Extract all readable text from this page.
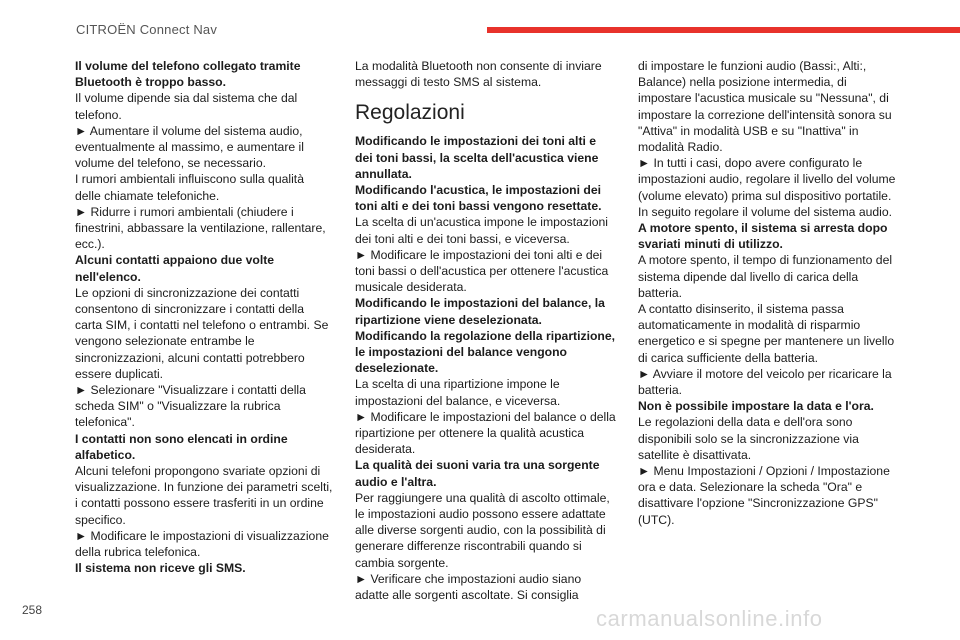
CITROËN Connect Nav

Il volume del telefono collegato tramite Bluetooth è troppo basso.

Il volume dipende sia dal sistema che dal telefono.

► Aumentare il volume del sistema audio, eventualmente al massimo, e aumentare il volume del telefono, se necessario.

I rumori ambientali influiscono sulla qualità delle chiamate telefoniche.

► Ridurre i rumori ambientali (chiudere i finestrini, abbassare la ventilazione, rallentare, ecc.).

Alcuni contatti appaiono due volte nell'elenco.

Le opzioni di sincronizzazione dei contatti consentono di sincronizzare i contatti della carta SIM, i contatti nel telefono o entrambi. Se vengono selezionate entrambe le sincronizzazioni, alcuni contatti potrebbero essere duplicati.

► Selezionare "Visualizzare i contatti della scheda SIM" o "Visualizzare la rubrica telefonica".

I contatti non sono elencati in ordine alfabetico.

Alcuni telefoni propongono svariate opzioni di visualizzazione. In funzione dei parametri scelti, i contatti possono essere trasferiti in un ordine specifico.

► Modificare le impostazioni di visualizzazione della rubrica telefonica.

Il sistema non riceve gli SMS.

La modalità Bluetooth non consente di inviare messaggi di testo SMS al sistema.

Regolazioni

Modificando le impostazioni dei toni alti e dei toni bassi, la scelta dell'acustica viene annullata.

Modificando l'acustica, le impostazioni dei toni alti e dei toni bassi vengono resettate.

La scelta di un'acustica impone le impostazioni dei toni alti e dei toni bassi, e viceversa.

► Modificare le impostazioni dei toni alti e dei toni bassi o dell'acustica per ottenere l'acustica musicale desiderata.

Modificando le impostazioni del balance, la ripartizione viene deselezionata.

Modificando la regolazione della ripartizione, le impostazioni del balance vengono deselezionate.

La scelta di una ripartizione impone le impostazioni del balance, e viceversa.

► Modificare le impostazioni del balance o della ripartizione per ottenere la qualità acustica desiderata.

La qualità dei suoni varia tra una sorgente audio e l'altra.

Per raggiungere una qualità di ascolto ottimale, le impostazioni audio possono essere adattate alle diverse sorgenti audio, con la possibilità di generare differenze riscontrabili quando si cambia sorgente.

► Verificare che impostazioni audio siano adatte alle sorgenti ascoltate. Si consiglia

di impostare le funzioni audio (Bassi:, Alti:, Balance) nella posizione intermedia, di impostare l'acustica musicale su "Nessuna", di impostare la correzione dell'intensità sonora su "Attiva" in modalità USB e su "Inattiva" in modalità Radio.

► In tutti i casi, dopo avere configurato le impostazioni audio, regolare il livello del volume (volume elevato) prima sul dispositivo portatile. In seguito regolare il volume del sistema audio.

A motore spento, il sistema si arresta dopo svariati minuti di utilizzo.

A motore spento, il tempo di funzionamento del sistema dipende dal livello di carica della batteria.

A contatto disinserito, il sistema passa automaticamente in modalità di risparmio energetico e si spegne per mantenere un livello di carica sufficiente della batteria.

► Avviare il motore del veicolo per ricaricare la batteria.

Non è possibile impostare la data e l'ora.

Le regolazioni della data e dell'ora sono disponibili solo se la sincronizzazione via satellite è disattivata.

► Menu Impostazioni / Opzioni / Impostazione ora e data. Selezionare la scheda "Ora" e disattivare l'opzione "Sincronizzazione GPS" (UTC).

258	carmanualsonline.info
